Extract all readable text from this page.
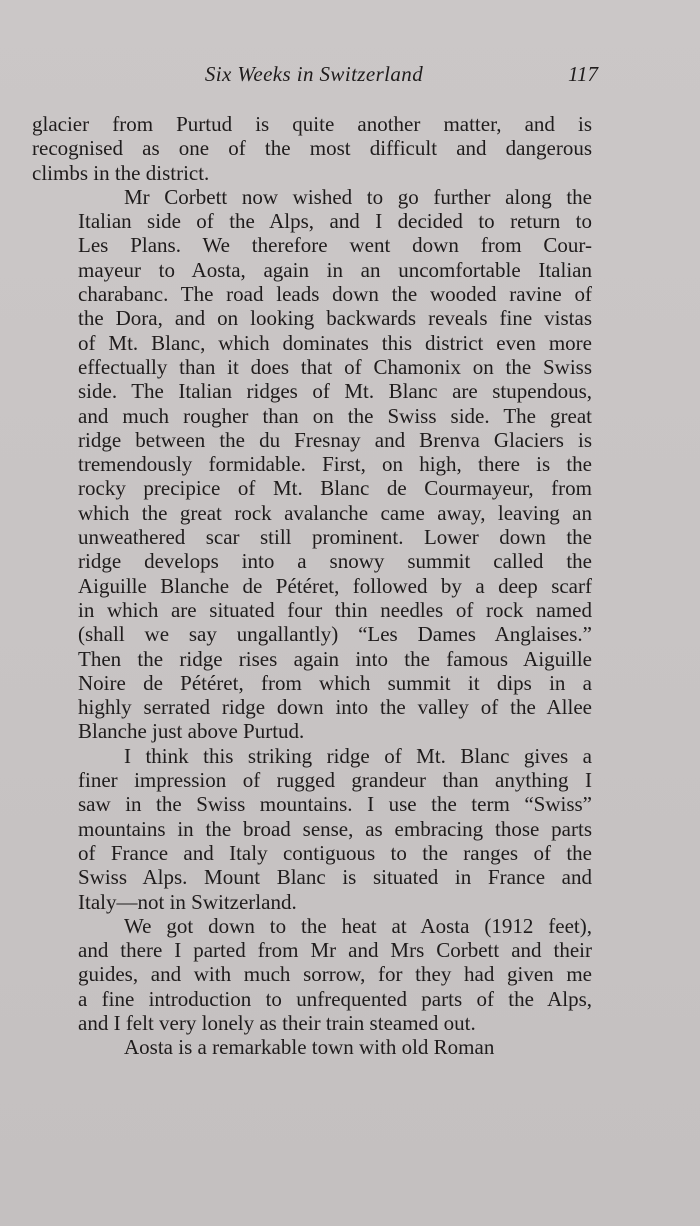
Six Weeks in Switzerland	117

glacier from Purtud is quite another matter, and is
recognised as one of the most difficult and dangerous
climbs in the district.

Mr Corbett now wished to go further along the
Italian side of the Alps, and I decided to return to
Les Plans. We therefore went down from Cour-
mayeur to Aosta, again in an uncomfortable Italian
charabanc. The road leads down the wooded ravine of
the Dora, and on looking backwards reveals fine vistas
of Mt. Blanc, which dominates this district even more
effectually than it does that of Chamonix on the Swiss
side. The Italian ridges of Mt. Blanc are stupendous,
and much rougher than on the Swiss side. The great
ridge between the du Fresnay and Brenva Glaciers is
tremendously formidable. First, on high, there is the
rocky precipice of Mt. Blanc de Courmayeur, from
which the great rock avalanche came away, leaving an
unweathered scar still prominent. Lower down the
ridge develops into a snowy summit called the
Aiguille Blanche de Pétéret, followed by a deep scarf
in which are situated four thin needles of rock named
(shall we say ungallantly) “Les Dames Anglaises.”
Then the ridge rises again into the famous Aiguille
Noire de Pétéret, from which summit it dips in a
highly serrated ridge down into the valley of the Allee
Blanche just above Purtud.

I think this striking ridge of Mt. Blanc gives a
finer impression of rugged grandeur than anything I
saw in the Swiss mountains. I use the term “Swiss”
mountains in the broad sense, as embracing those parts
of France and Italy contiguous to the ranges of the
Swiss Alps. Mount Blanc is situated in France and
Italy—not in Switzerland.

We got down to the heat at Aosta (1912 feet),
and there I parted from Mr and Mrs Corbett and their
guides, and with much sorrow, for they had given me
a fine introduction to unfrequented parts of the Alps,
and I felt very lonely as their train steamed out.

Aosta is a remarkable town with old Roman
